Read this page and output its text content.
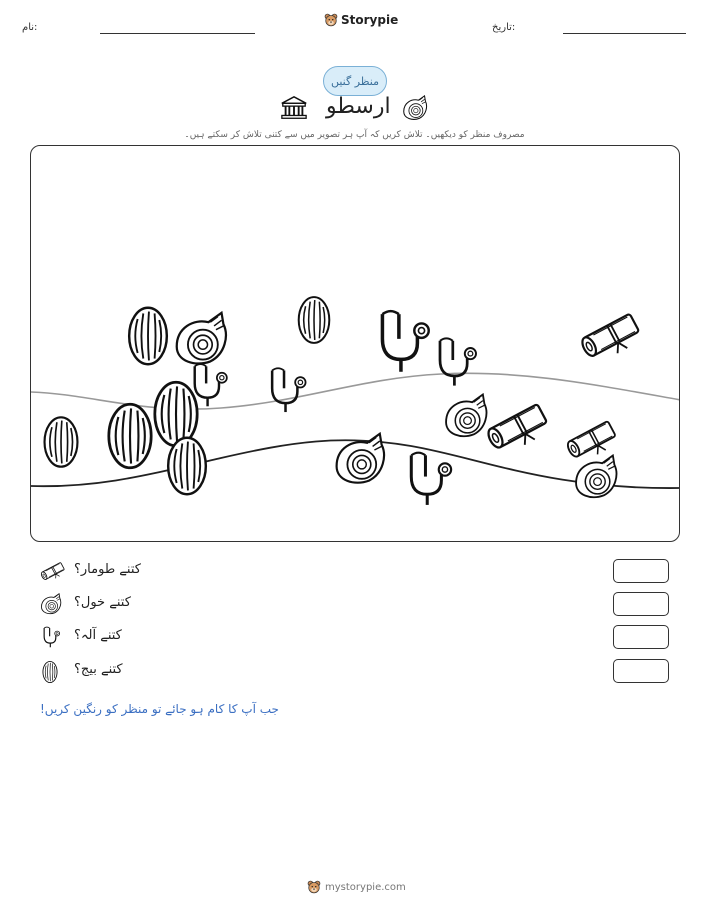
نام:
Storypie
تاریخ:
منظر گنیں
ارسطو
مصروف منظر کو دیکھیں۔ تلاش کریں کہ آپ ہر تصویر میں سے کتنی تلاش کر سکتے ہیں۔
کتنے طومار؟
کتنے خول؟
کتنے آلہ؟
کتنے بیج؟
جب آپ کا کام ہو جائے تو منظر کو رنگین کریں!
mystorypie.com
